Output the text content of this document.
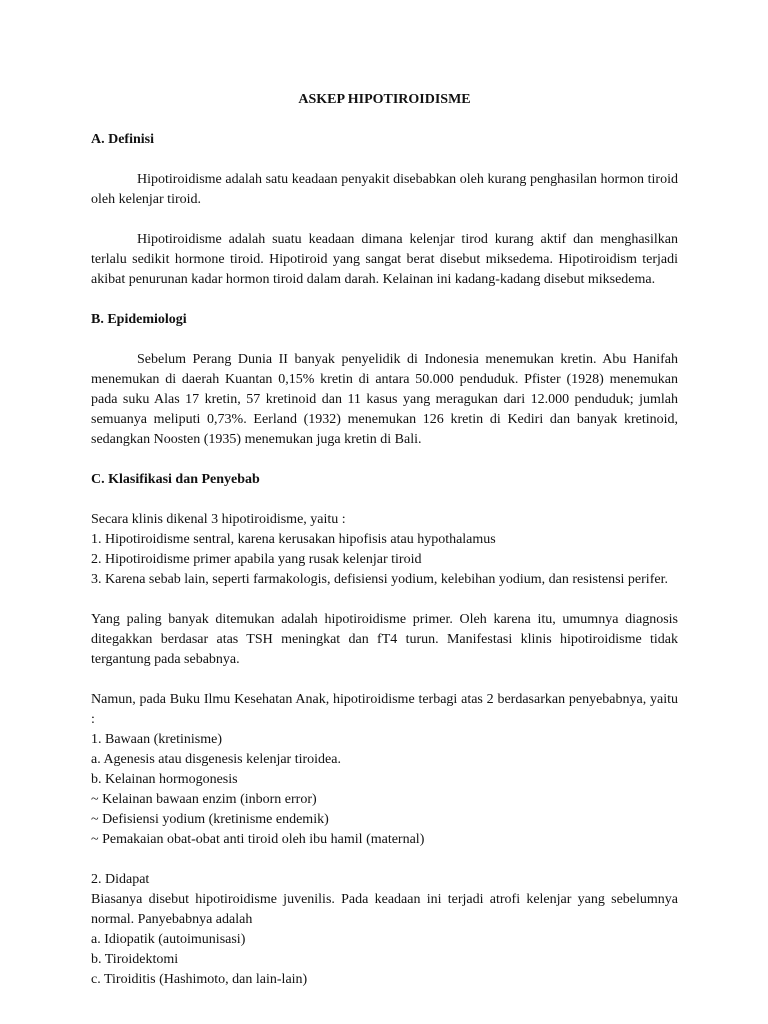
ASKEP HIPOTIROIDISME

A. Definisi

Hipotiroidisme adalah satu keadaan penyakit disebabkan oleh kurang penghasilan hormon tiroid oleh kelenjar tiroid.

Hipotiroidisme adalah suatu keadaan dimana kelenjar tirod kurang aktif dan menghasilkan terlalu sedikit hormone tiroid. Hipotiroid yang sangat berat disebut miksedema. Hipotiroidism terjadi akibat penurunan kadar hormon tiroid dalam darah. Kelainan ini kadang-kadang disebut miksedema.

B. Epidemiologi

Sebelum Perang Dunia II banyak penyelidik di Indonesia menemukan kretin. Abu Hanifah menemukan di daerah Kuantan 0,15% kretin di antara 50.000 penduduk. Pfister (1928) menemukan pada suku Alas 17 kretin, 57 kretinoid dan 11 kasus yang meragukan dari 12.000 penduduk; jumlah semuanya meliputi 0,73%. Eerland (1932) menemukan 126 kretin di Kediri dan banyak kretinoid, sedangkan Noosten (1935) menemukan juga kretin di Bali.

C. Klasifikasi dan Penyebab

Secara klinis dikenal 3 hipotiroidisme, yaitu :

1. Hipotiroidisme sentral, karena kerusakan hipofisis atau hypothalamus

2. Hipotiroidisme primer apabila yang rusak kelenjar tiroid

3. Karena sebab lain, seperti farmakologis, defisiensi yodium, kelebihan yodium, dan resistensi perifer.

Yang paling banyak ditemukan adalah hipotiroidisme primer. Oleh karena itu, umumnya diagnosis ditegakkan berdasar atas TSH meningkat dan fT4 turun. Manifestasi klinis hipotiroidisme tidak tergantung pada sebabnya.

Namun, pada Buku Ilmu Kesehatan Anak, hipotiroidisme terbagi atas 2 berdasarkan penyebabnya, yaitu :

1. Bawaan (kretinisme)

a. Agenesis atau disgenesis kelenjar tiroidea.

b. Kelainan hormogonesis

~ Kelainan bawaan enzim (inborn error)

~ Defisiensi yodium (kretinisme endemik)

~ Pemakaian obat-obat anti tiroid oleh ibu hamil (maternal)

2. Didapat

Biasanya disebut hipotiroidisme juvenilis. Pada keadaan ini terjadi atrofi kelenjar yang sebelumnya normal. Panyebabnya adalah

a. Idiopatik (autoimunisasi)

b. Tiroidektomi

c. Tiroiditis (Hashimoto, dan lain-lain)
